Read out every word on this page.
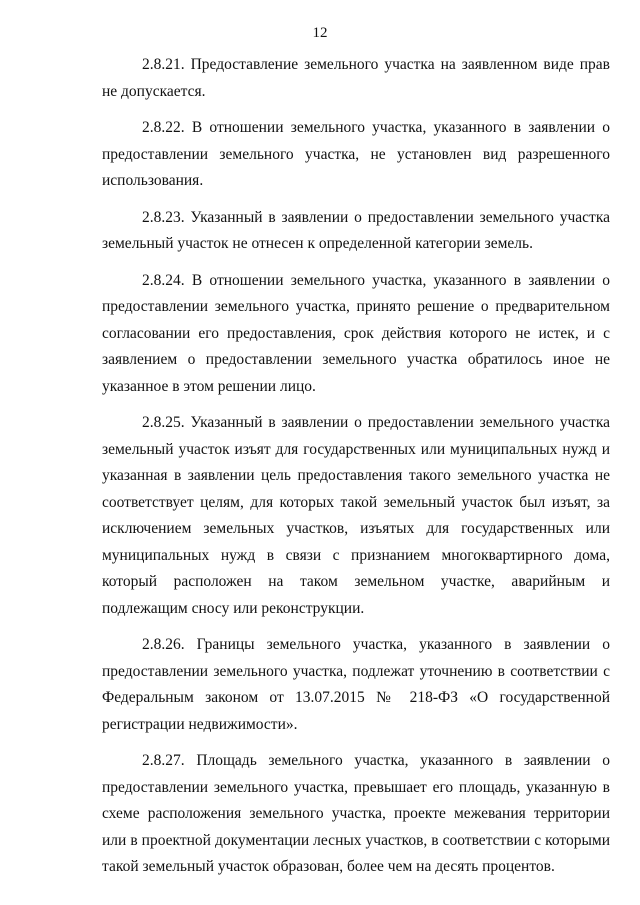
12

2.8.21. Предоставление земельного участка на заявленном виде прав не допускается.

2.8.22. В отношении земельного участка, указанного в заявлении о предоставлении земельного участка, не установлен вид разрешенного использования.

2.8.23. Указанный в заявлении о предоставлении земельного участка земельный участок не отнесен к определенной категории земель.

2.8.24. В отношении земельного участка, указанного в заявлении о предоставлении земельного участка, принято решение о предварительном согласовании его предоставления, срок действия которого не истек, и с заявлением о предоставлении земельного участка обратилось иное не указанное в этом решении лицо.

2.8.25. Указанный в заявлении о предоставлении земельного участка земельный участок изъят для государственных или муниципальных нужд и указанная в заявлении цель предоставления такого земельного участка не соответствует целям, для которых такой земельный участок был изъят, за исключением земельных участков, изъятых для государственных или муниципальных нужд в связи с признанием многоквартирного дома, который расположен на таком земельном участке, аварийным и подлежащим сносу или реконструкции.

2.8.26. Границы земельного участка, указанного в заявлении о предоставлении земельного участка, подлежат уточнению в соответствии с Федеральным законом от 13.07.2015 № 218-ФЗ «О государственной регистрации недвижимости».

2.8.27. Площадь земельного участка, указанного в заявлении о предоставлении земельного участка, превышает его площадь, указанную в схеме расположения земельного участка, проекте межевания территории или в проектной документации лесных участков, в соответствии с которыми такой земельный участок образован, более чем на десять процентов.
